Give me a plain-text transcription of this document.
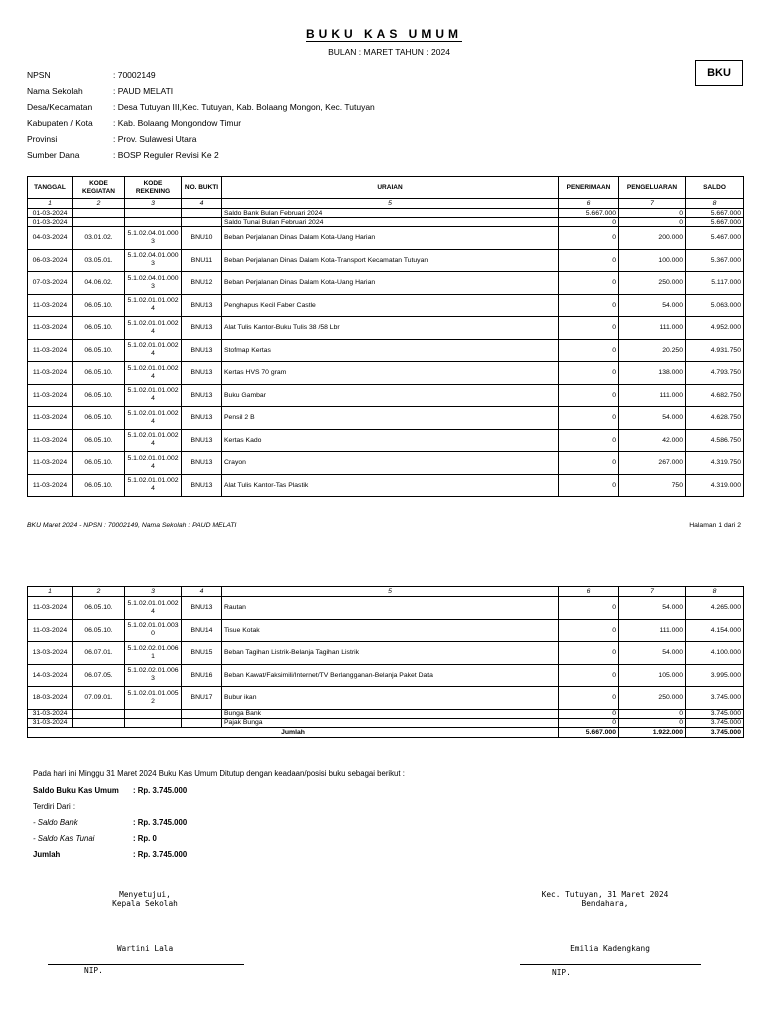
BUKU KAS UMUM
BULAN : MARET TAHUN : 2024
BKU
NPSN	: 70002149
Nama Sekolah	: PAUD MELATI
Desa/Kecamatan : Desa Tutuyan III,Kec. Tutuyan, Kab. Bolaang Mongon, Kec. Tutuyan
Kabupaten / Kota : Kab. Bolaang Mongondow Timur
Provinsi	: Prov. Sulawesi Utara
Sumber Dana	: BOSP Reguler Revisi Ke 2
TANGGAL	KODE KEGIATAN	KODE REKENING	NO. BUKTI	URAIAN	PENERIMAAN	PENGELUARAN	SALDO
1	2	3	4	5	6	7	8
01-03-2024				Saldo Bank Bulan Februari 2024	5.667.000	0	5.667.000
01-03-2024				Saldo Tunai Bulan Februari 2024	0	0	5.667.000
04-03-2024	03.01.02.	5.1.02.04.01.0003	BNU10	Beban Perjalanan Dinas Dalam Kota-Uang Harian	0	200.000	5.467.000
06-03-2024	03.05.01.	5.1.02.04.01.0003	BNU11	Beban Perjalanan Dinas Dalam Kota-Transport Kecamatan Tutuyan	0	100.000	5.367.000
07-03-2024	04.06.02.	5.1.02.04.01.0003	BNU12	Beban Perjalanan Dinas Dalam Kota-Uang Harian	0	250.000	5.117.000
11-03-2024	06.05.10.	5.1.02.01.01.0024	BNU13	Penghapus Kecil Faber Castle	0	54.000	5.063.000
11-03-2024	06.05.10.	5.1.02.01.01.0024	BNU13	Alat Tulis Kantor-Buku Tulis 38 /58 Lbr	0	111.000	4.952.000
11-03-2024	06.05.10.	5.1.02.01.01.0024	BNU13	Stofmap Kertas	0	20.250	4.931.750
11-03-2024	06.05.10.	5.1.02.01.01.0024	BNU13	Kertas HVS 70 gram	0	138.000	4.793.750
11-03-2024	06.05.10.	5.1.02.01.01.0024	BNU13	Buku Gambar	0	111.000	4.682.750
11-03-2024	06.05.10.	5.1.02.01.01.0024	BNU13	Pensil 2 B	0	54.000	4.628.750
11-03-2024	06.05.10.	5.1.02.01.01.0024	BNU13	Kertas Kado	0	42.000	4.586.750
11-03-2024	06.05.10.	5.1.02.01.01.0024	BNU13	Crayon	0	267.000	4.319.750
11-03-2024	06.05.10.	5.1.02.01.01.0024	BNU13	Alat Tulis Kantor-Tas Plastik	0	750	4.319.000
BKU Maret 2024 - NPSN : 70002149, Nama Sekolah : PAUD MELATI	Halaman 1 dari 2
1	2	3	4	5	6	7	8
11-03-2024	06.05.10.	5.1.02.01.01.0024	BNU13	Rautan	0	54.000	4.265.000
11-03-2024	06.05.10.	5.1.02.01.01.0030	BNU14	Tisue Kotak	0	111.000	4.154.000
13-03-2024	06.07.01.	5.1.02.02.01.0061	BNU15	Beban Tagihan Listrik-Belanja Tagihan Listrik	0	54.000	4.100.000
14-03-2024	06.07.05.	5.1.02.02.01.0063	BNU16	Beban Kawat/Faksimili/Internet/TV Berlangganan-Belanja Paket Data	0	105.000	3.995.000
18-03-2024	07.09.01.	5.1.02.01.01.0052	BNU17	Bubur ikan	0	250.000	3.745.000
31-03-2024				Bunga Bank	0	0	3.745.000
31-03-2024				Pajak Bunga	0	0	3.745.000
Jumlah					5.667.000	1.922.000	3.745.000
Pada hari ini Minggu 31 Maret 2024 Buku Kas Umum Ditutup dengan keadaan/posisi buku sebagai berikut :
Saldo Buku Kas Umum : Rp. 3.745.000
Terdiri Dari :
- Saldo Bank	: Rp. 3.745.000
- Saldo Kas Tunai	: Rp. 0
Jumlah	: Rp. 3.745.000
Menyetujui,
Kepala Sekolah
Wartini Lala
NIP.
Kec. Tutuyan, 31 Maret 2024
Bendahara,
Emilia Kadengkang
NIP.
